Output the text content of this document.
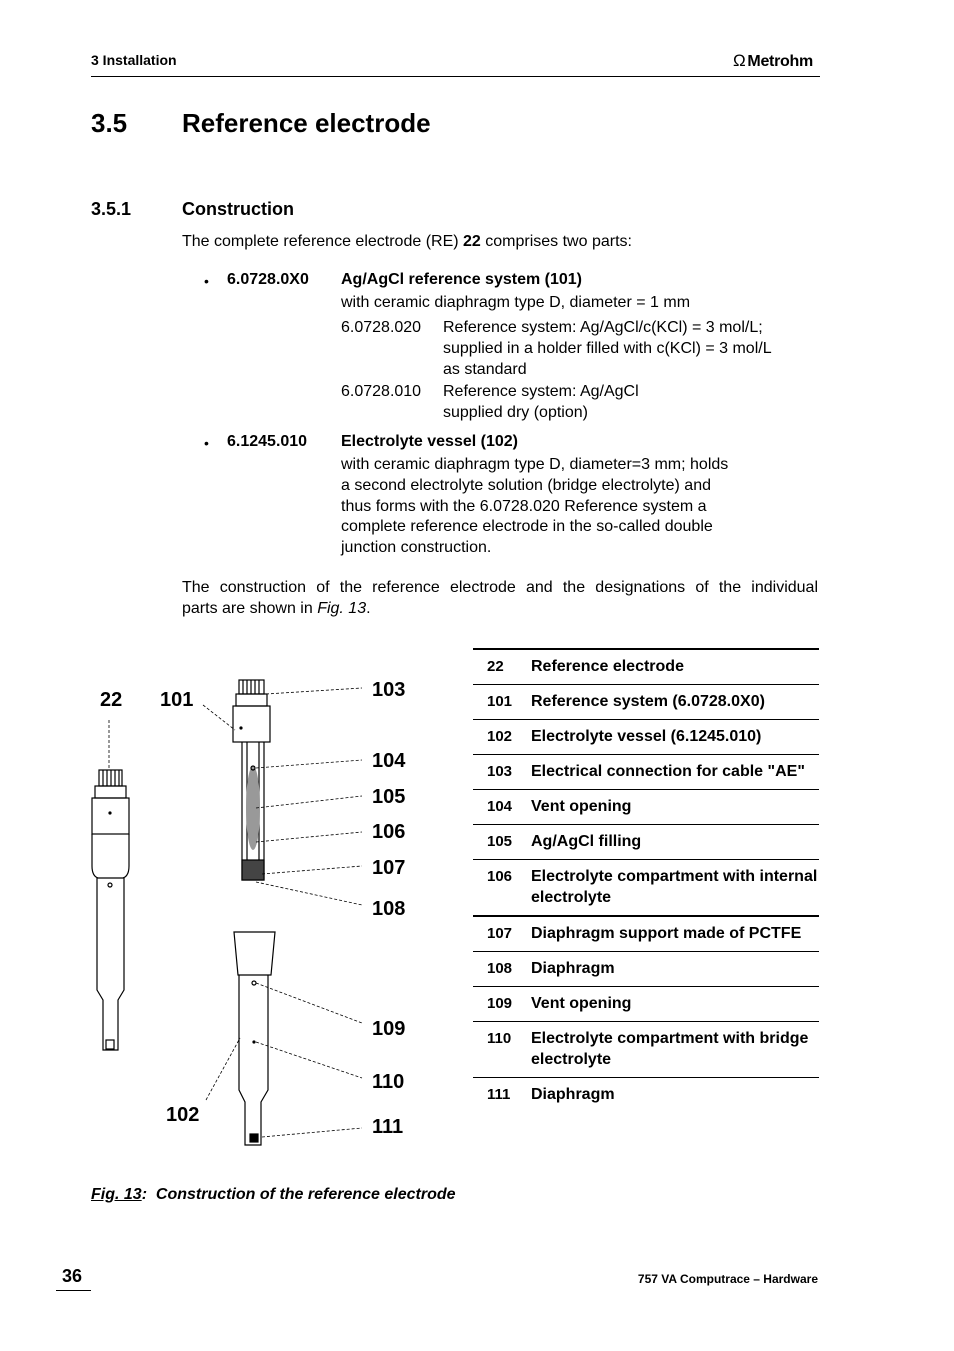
3 Installation	Ω Metrohm
3.5 Reference electrode
3.5.1	Construction
The complete reference electrode (RE) 22 comprises two parts:
• 6.0728.0X0 Ag/AgCl reference system (101)
with ceramic diaphragm type D, diameter = 1 mm
6.0728.020 Reference system: Ag/AgCl/c(KCl) = 3 mol/L;
supplied in a holder filled with c(KCl) = 3 mol/L
as standard
6.0728.010 Reference system: Ag/AgCl
supplied dry (option)
• 6.1245.010 Electrolyte vessel (102)
with ceramic diaphragm type D, diameter=3 mm; holds
a second electrolyte solution (bridge electrolyte) and
thus forms with the 6.0728.020 Reference system a
complete reference electrode in the so-called double
junction construction.
The construction of the reference electrode and the designations of the individual
parts are shown in Fig. 13.
22 101	103
104
105
106
107
108
109
110
102
111
22	Reference electrode
101	Reference system (6.0728.0X0)
102	Electrolyte vessel (6.1245.010)
103	Electrical connection for cable "AE"
104	Vent opening
105	Ag/AgCl filling
106	Electrolyte compartment with internal electrolyte
107	Diaphragm support made of PCTFE
108	Diaphragm
109	Vent opening
110	Electrolyte compartment with bridge electrolyte
111	Diaphragm
Fig. 13:  Construction of the reference electrode
36	757 VA Computrace – Hardware
